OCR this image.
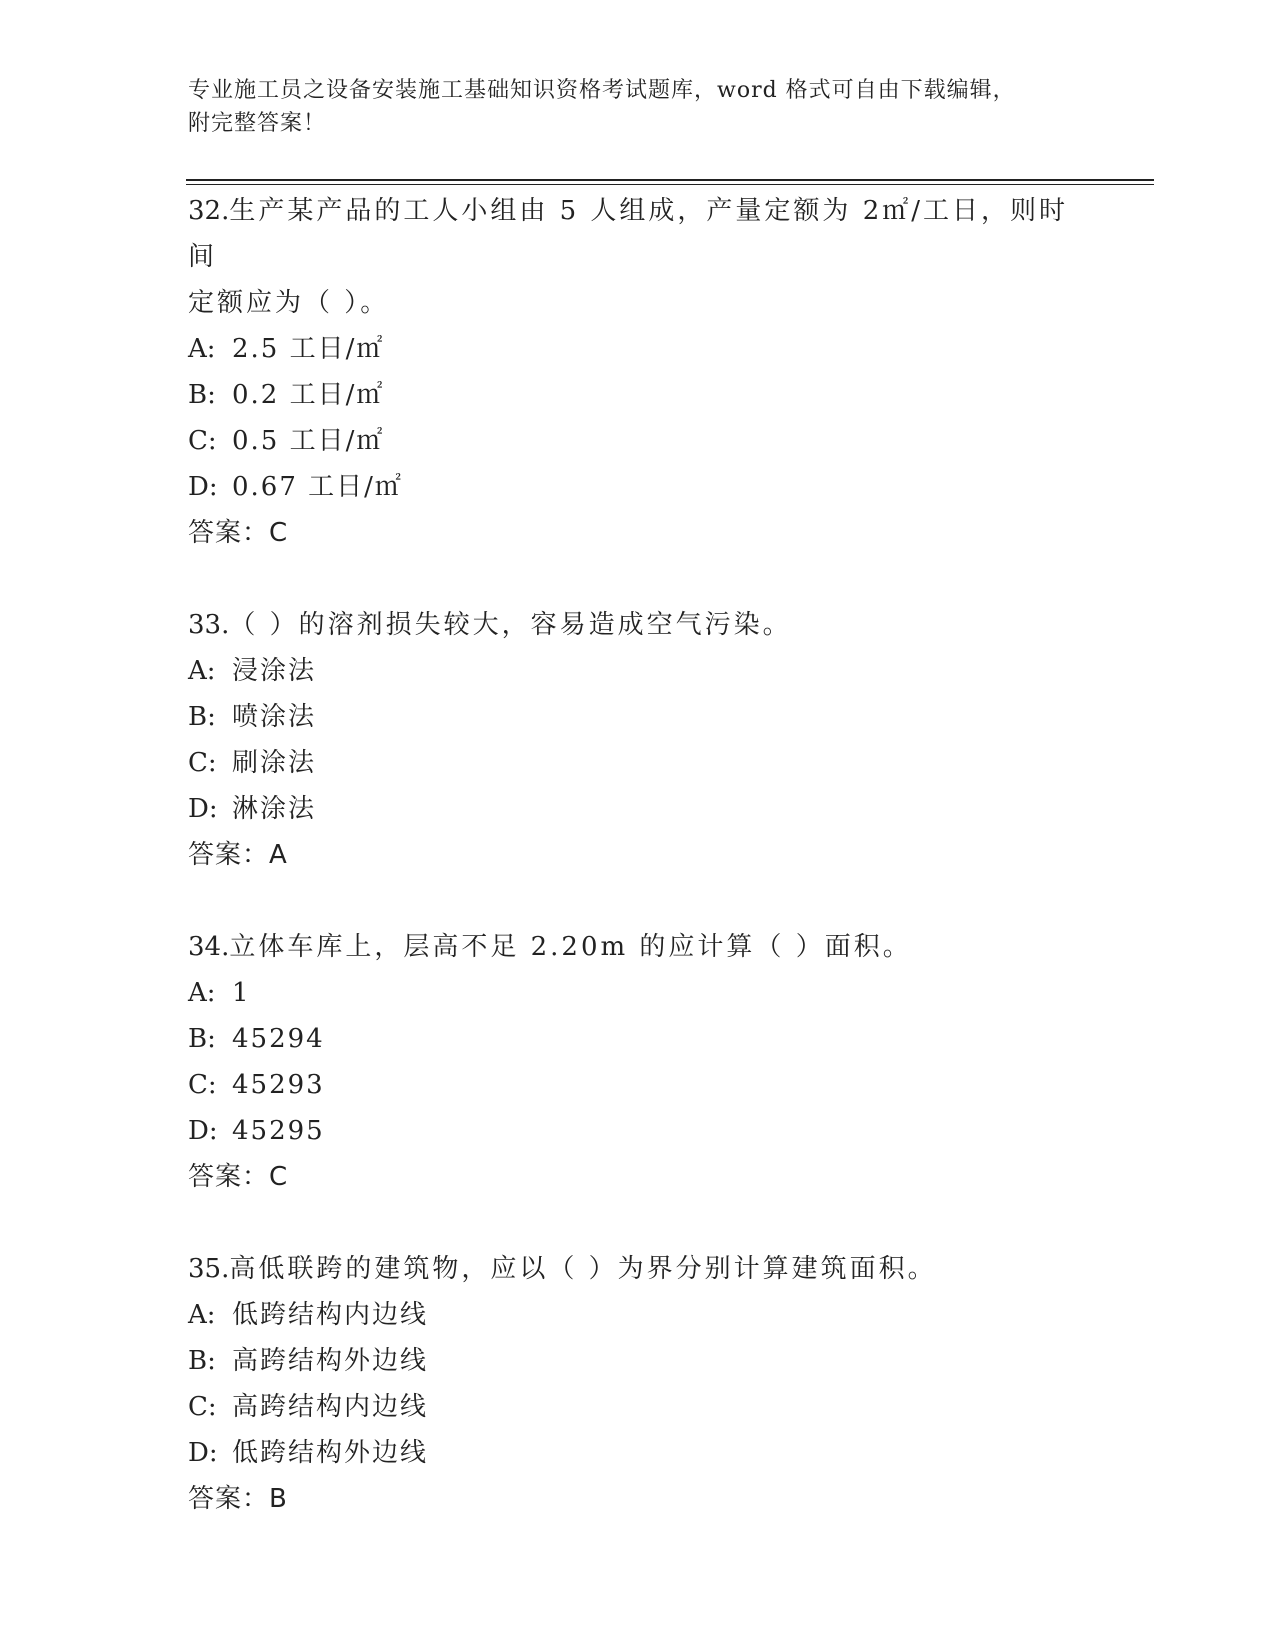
专业施工员之设备安装施工基础知识资格考试题库，word 格式可自由下载编辑，
附完整答案！
32.生产某产品的工人小组由 5 人组成，产量定额为 2㎡/工日，则时间
定额应为（ ）。
A: 2.5 工日/㎡
B: 0.2 工日/㎡
C: 0.5 工日/㎡
D: 0.67 工日/㎡
答案：C
33.（ ）的溶剂损失较大，容易造成空气污染。
A: 浸涂法
B: 喷涂法
C: 刷涂法
D: 淋涂法
答案：A
34.立体车库上，层高不足 2.20m 的应计算（ ）面积。
A: 1
B: 45294
C: 45293
D: 45295
答案：C
35.高低联跨的建筑物，应以（ ）为界分别计算建筑面积。
A: 低跨结构内边线
B: 高跨结构外边线
C: 高跨结构内边线
D: 低跨结构外边线
答案：B
